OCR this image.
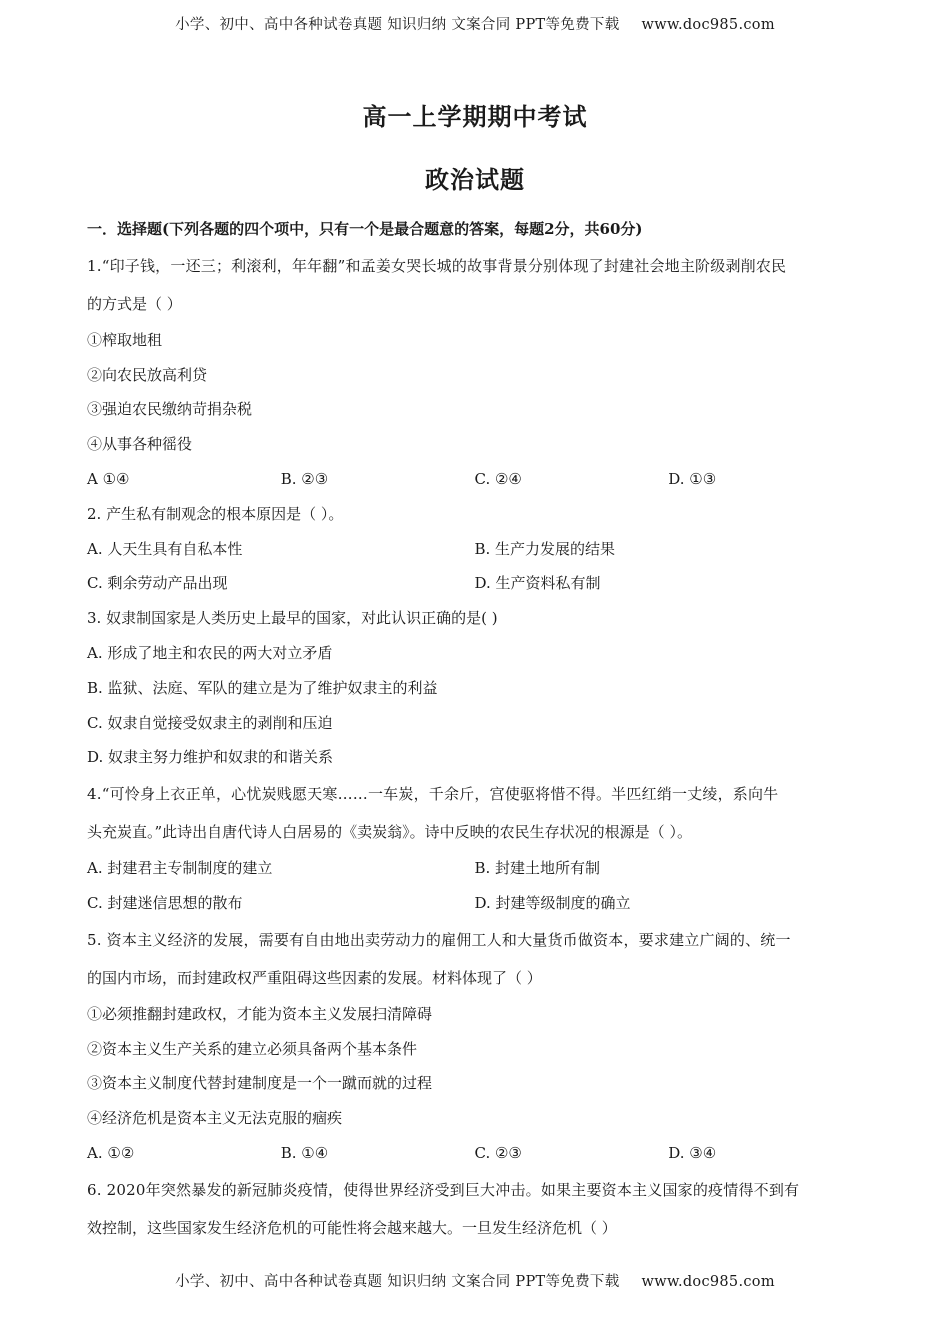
小学、初中、高中各种试卷真题 知识归纳 文案合同 PPT等免费下载 www.doc985.com
高一上学期期中考试
政治试题
一．选择题(下列各题的四个项中，只有一个是最合题意的答案，每题2分，共60分)
1.“印子钱，一还三；利滚利，年年翻”和孟姜女哭长城的故事背景分别体现了封建社会地主阶级剥削农民
的方式是（ ）
①榨取地租
②向农民放高利贷
③强迫农民缴纳苛捐杂税
④从事各种徭役
A ①④	B. ②③	C. ②④	D. ①③
2. 产生私有制观念的根本原因是（ ）。
A. 人天生具有自私本性	B. 生产力发展的结果
C. 剩余劳动产品出现	D. 生产资料私有制
3. 奴隶制国家是人类历史上最早的国家，对此认识正确的是( )
A. 形成了地主和农民的两大对立矛盾
B. 监狱、法庭、军队的建立是为了维护奴隶主的利益
C. 奴隶自觉接受奴隶主的剥削和压迫
D. 奴隶主努力维护和奴隶的和谐关系
4.“可怜身上衣正单，心忧炭贱愿天寒……一车炭，千余斤，宫使驱将惜不得。半匹红绡一丈绫，系向牛
头充炭直。”此诗出自唐代诗人白居易的《卖炭翁》。诗中反映的农民生存状况的根源是（ ）。
A. 封建君主专制制度的建立	B. 封建土地所有制
C. 封建迷信思想的散布	D. 封建等级制度的确立
5. 资本主义经济的发展，需要有自由地出卖劳动力的雇佣工人和大量货币做资本，要求建立广阔的、统一
的国内市场，而封建政权严重阻碍这些因素的发展。材料体现了（ ）
①必须推翻封建政权，才能为资本主义发展扫清障碍
②资本主义生产关系的建立必须具备两个基本条件
③资本主义制度代替封建制度是一个一蹴而就的过程
④经济危机是资本主义无法克服的痼疾
A. ①②	B. ①④	C. ②③	D. ③④
6. 2020年突然暴发的新冠肺炎疫情，使得世界经济受到巨大冲击。如果主要资本主义国家的疫情得不到有
效控制，这些国家发生经济危机的可能性将会越来越大。一旦发生经济危机（ ）
小学、初中、高中各种试卷真题 知识归纳 文案合同 PPT等免费下载 www.doc985.com
